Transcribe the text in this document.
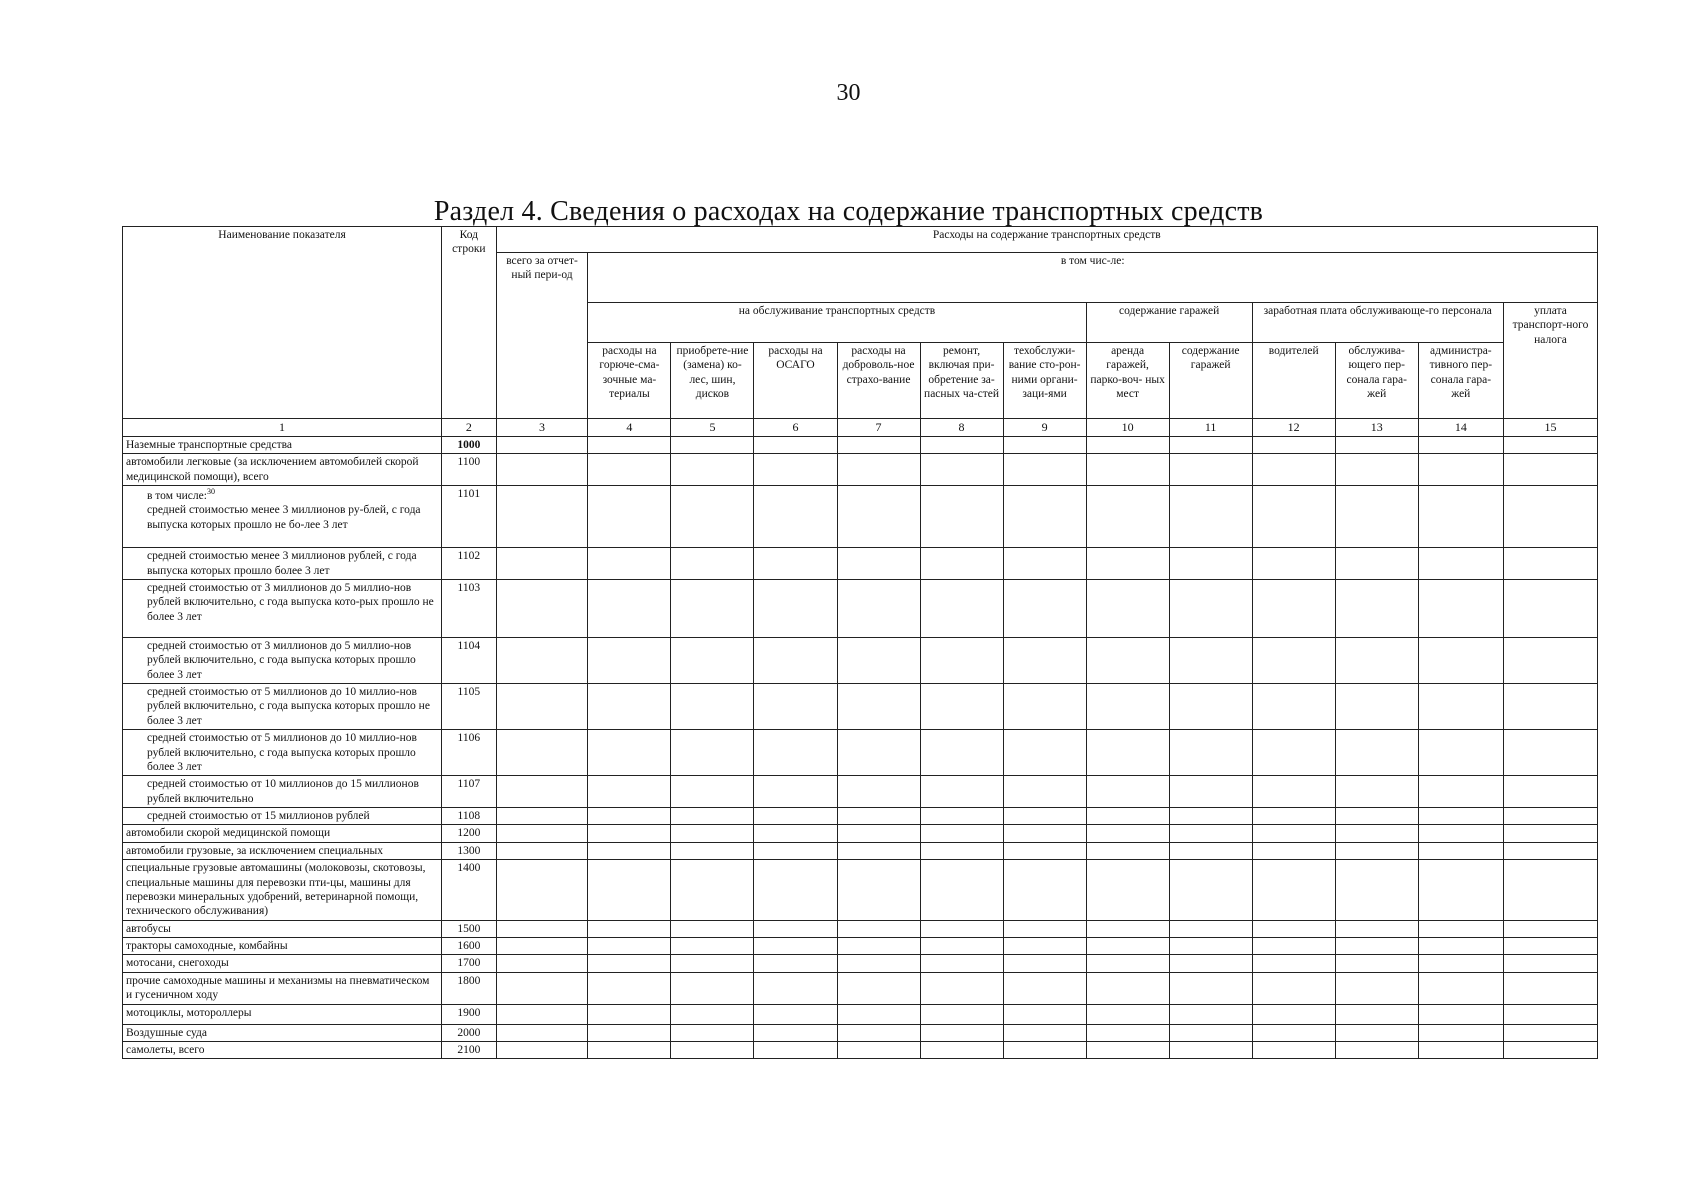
30
Раздел 4. Сведения о расходах на содержание транспортных средств
Наименование показателя	Код строки	Расходы на содержание транспортных средств												
		всего за отчет-ный пери-од	в том чис-ле:											
			на обслуживание транспортных средств						содержание гаражей		заработная плата обслуживающе-го персонала			уплата транспорт-ного налога
			расходы на горюче-сма-зочные ма-териалы	приобрете-ние (замена) ко-лес, шин, дисков	расходы на ОСАГО	расходы на доброволь-ное страхо-вание	ремонт, включая при-обретение за-пасных ча-стей	техобслужи-вание сто-рон- ними органи- заци-ями	аренда гаражей, парко-воч- ных мест	содержание гаражей	водителей	обслужива-ющего пер-сонала гара-жей	администра-тивного пер-сонала гара-жей	
1	2	3	4	5	6	7	8	9	10	11	12	13	14	15
Наземные транспортные средства	1000													
автомобили легковые (за исключением автомобилей скорой медицинской помощи), всего	1100													
в том числе:$^{30}$
средней стоимостью менее 3 миллионов ру-блей, с года выпуска которых прошло не бо-лее 3 лет	1101													
средней стоимостью менее 3 миллионов рублей, с года выпуска которых прошло более 3 лет	1102													
средней стоимостью от 3 миллионов до 5 миллио-нов рублей включительно, с года выпуска кото-рых прошло не более 3 лет	1103													
средней стоимостью от 3 миллионов до 5 миллио-нов рублей включительно, с года выпуска которых прошло более 3 лет	1104													
средней стоимостью от 5 миллионов до 10 миллио-нов рублей включительно, с года выпуска которых прошло не более 3 лет	1105													
средней стоимостью от 5 миллионов до 10 миллио-нов рублей включительно, с года выпуска которых прошло более 3 лет	1106													
средней стоимостью от 10 миллионов до 15 миллионов рублей включительно	1107													
средней стоимостью от 15 миллионов рублей	1108													
автомобили скорой медицинской помощи	1200													
автомобили грузовые, за исключением специальных	1300													
специальные грузовые автомашины (молоковозы, скотовозы, специальные машины для перевозки пти-цы, машины для перевозки минеральных удобрений, ветеринарной помощи, технического обслуживания)	1400													
автобусы	1500													
тракторы самоходные, комбайны	1600													
мотосани, снегоходы	1700													
прочие самоходные машины и механизмы на пневматическом и гусеничном ходу	1800													
мотоциклы, мотороллеры	1900													
Воздушные суда	2000													
самолеты, всего	2100													
